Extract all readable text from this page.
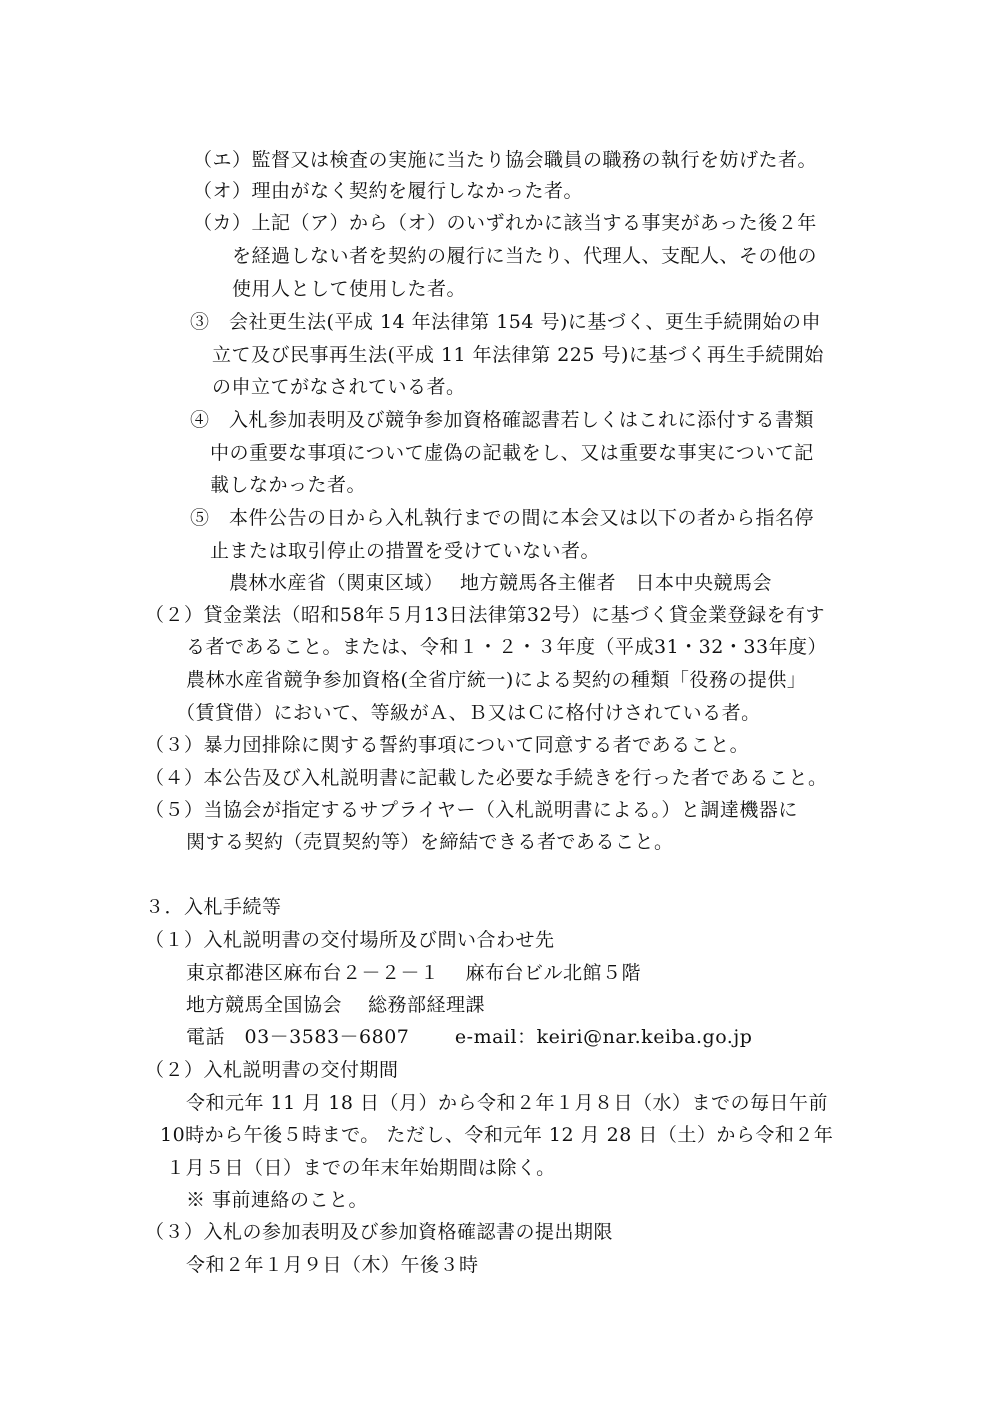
（エ）監督又は検査の実施に当たり協会職員の職務の執行を妨げた者。
（オ）理由がなく契約を履行しなかった者。
（カ）上記（ア）から（オ）のいずれかに該当する事実があった後２年
を経過しない者を契約の履行に当たり、代理人、支配人、その他の
使用人として使用した者。
③　会社更生法(平成 14 年法律第 154 号)に基づく、更生手続開始の申
立て及び民事再生法(平成 11 年法律第 225 号)に基づく再生手続開始
の申立てがなされている者。
④　入札参加表明及び競争参加資格確認書若しくはこれに添付する書類
中の重要な事項について虚偽の記載をし、又は重要な事実について記
載しなかった者。
⑤　本件公告の日から入札執行までの間に本会又は以下の者から指名停
止または取引停止の措置を受けていない者。
農林水産省（関東区域）　 地方競馬各主催者　日本中央競馬会
（２）貸金業法（昭和58年５月13日法律第32号）に基づく貸金業登録を有す
る者であること。または、令和１・２・３年度（平成31・32・33年度）
農林水産省競争参加資格(全省庁統一)による契約の種類「役務の提供」
（賃貸借）において、等級がＡ、Ｂ又はＣに格付けされている者。
（３）暴力団排除に関する誓約事項について同意する者であること。
（４）本公告及び入札説明書に記載した必要な手続きを行った者であること。
（５）当協会が指定するサプライヤー（入札説明書による。）と調達機器に
関する契約（売買契約等）を締結できる者であること。
３．入札手続等
（１）入札説明書の交付場所及び問い合わせ先
東京都港区麻布台２－２－１　 麻布台ビル北館５階
地方競馬全国協会　 総務部経理課
電話　03－3583－6807　　 e-mail：keiri@nar.keiba.go.jp
（２）入札説明書の交付期間
令和元年 11 月 18 日（月）から令和２年１月８日（水）までの毎日午前
10時から午後５時まで。 ただし、令和元年 12 月 28 日（土）から令和２年
１月５日（日）までの年末年始期間は除く。
※ 事前連絡のこと。
（３）入札の参加表明及び参加資格確認書の提出期限
令和２年１月９日（木）午後３時
